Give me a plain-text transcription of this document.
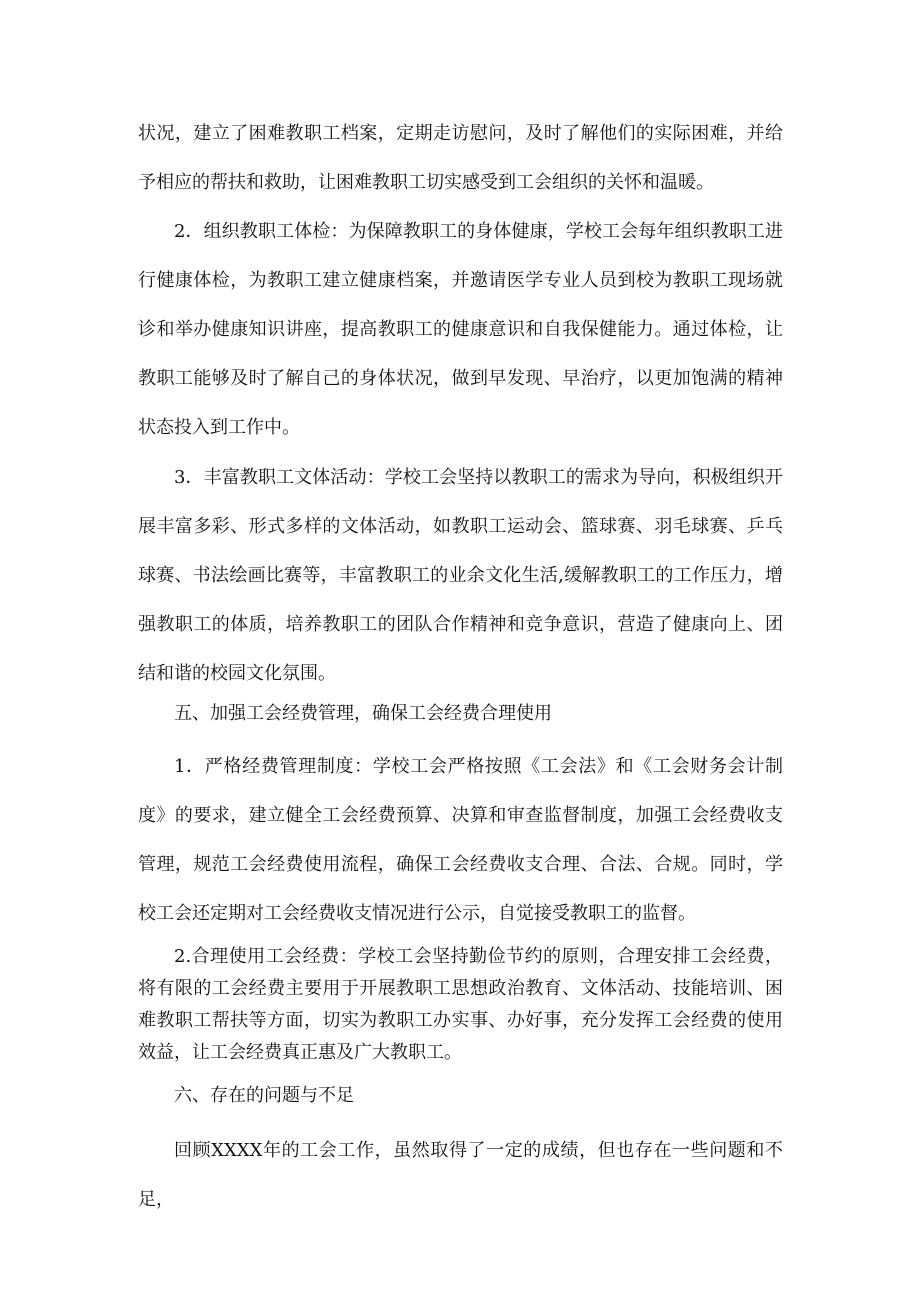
状况，建立了困难教职工档案，定期走访慰问，及时了解他们的实际困难，并给予相应的帮扶和救助，让困难教职工切实感受到工会组织的关怀和温暖。

2．组织教职工体检：为保障教职工的身体健康，学校工会每年组织教职工进行健康体检，为教职工建立健康档案，并邀请医学专业人员到校为教职工现场就诊和举办健康知识讲座，提高教职工的健康意识和自我保健能力。通过体检，让教职工能够及时了解自己的身体状况，做到早发现、早治疗，以更加饱满的精神状态投入到工作中。

3．丰富教职工文体活动：学校工会坚持以教职工的需求为导向，积极组织开展丰富多彩、形式多样的文体活动，如教职工运动会、篮球赛、羽毛球赛、乒乓球赛、书法绘画比赛等，丰富教职工的业余文化生活,缓解教职工的工作压力，增强教职工的体质，培养教职工的团队合作精神和竞争意识，营造了健康向上、团结和谐的校园文化氛围。

五、加强工会经费管理，确保工会经费合理使用

1．严格经费管理制度：学校工会严格按照《工会法》和《工会财务会计制度》的要求，建立健全工会经费预算、决算和审查监督制度，加强工会经费收支管理，规范工会经费使用流程，确保工会经费收支合理、合法、合规。同时，学校工会还定期对工会经费收支情况进行公示，自觉接受教职工的监督。

2.合理使用工会经费：学校工会坚持勤俭节约的原则，合理安排工会经费，将有限的工会经费主要用于开展教职工思想政治教育、文体活动、技能培训、困难教职工帮扶等方面，切实为教职工办实事、办好事，充分发挥工会经费的使用效益，让工会经费真正惠及广大教职工。

六、存在的问题与不足

回顾XXXX年的工会工作，虽然取得了一定的成绩，但也存在一些问题和不足，
